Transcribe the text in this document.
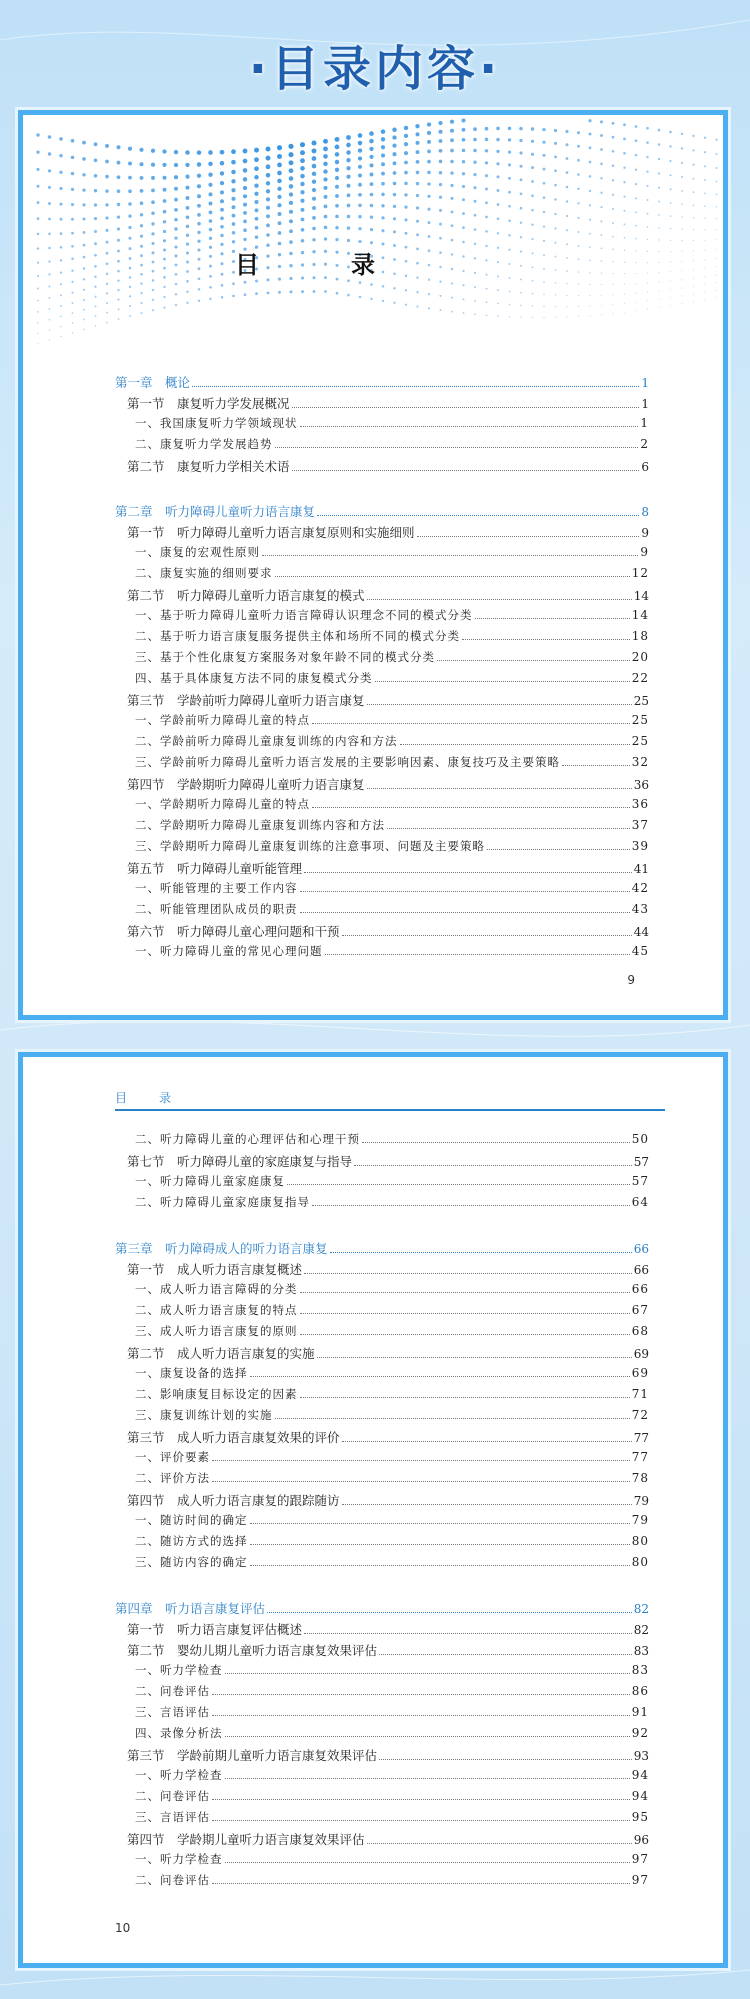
·目录内容·
目　录
第一章　概论	1
第一节　康复听力学发展概况	1
一、我国康复听力学领域现状	1
二、康复听力学发展趋势	2
第二节　康复听力学相关术语	6
第二章　听力障碍儿童听力语言康复	8
第一节　听力障碍儿童听力语言康复原则和实施细则	9
一、康复的宏观性原则	9
二、康复实施的细则要求	12
第二节　听力障碍儿童听力语言康复的模式	14
一、基于听力障碍儿童听力语言障碍认识理念不同的模式分类	14
二、基于听力语言康复服务提供主体和场所不同的模式分类	18
三、基于个性化康复方案服务对象年龄不同的模式分类	20
四、基于具体康复方法不同的康复模式分类	22
第三节　学龄前听力障碍儿童听力语言康复	25
一、学龄前听力障碍儿童的特点	25
二、学龄前听力障碍儿童康复训练的内容和方法	25
三、学龄前听力障碍儿童听力语言发展的主要影响因素、康复技巧及主要策略	32
第四节　学龄期听力障碍儿童听力语言康复	36
一、学龄期听力障碍儿童的特点	36
二、学龄期听力障碍儿童康复训练内容和方法	37
三、学龄期听力障碍儿童康复训练的注意事项、问题及主要策略	39
第五节　听力障碍儿童听能管理	41
一、听能管理的主要工作内容	42
二、听能管理团队成员的职责	43
第六节　听力障碍儿童心理问题和干预	44
一、听力障碍儿童的常见心理问题	45
9
目　录
二、听力障碍儿童的心理评估和心理干预	50
第七节　听力障碍儿童的家庭康复与指导	57
一、听力障碍儿童家庭康复	57
二、听力障碍儿童家庭康复指导	64
第三章　听力障碍成人的听力语言康复	66
第一节　成人听力语言康复概述	66
一、成人听力语言障碍的分类	66
二、成人听力语言康复的特点	67
三、成人听力语言康复的原则	68
第二节　成人听力语言康复的实施	69
一、康复设备的选择	69
二、影响康复目标设定的因素	71
三、康复训练计划的实施	72
第三节　成人听力语言康复效果的评价	77
一、评价要素	77
二、评价方法	78
第四节　成人听力语言康复的跟踪随访	79
一、随访时间的确定	79
二、随访方式的选择	80
三、随访内容的确定	80
第四章　听力语言康复评估	82
第一节　听力语言康复评估概述	82
第二节　婴幼儿期儿童听力语言康复效果评估	83
一、听力学检查	83
二、问卷评估	86
三、言语评估	91
四、录像分析法	92
第三节　学龄前期儿童听力语言康复效果评估	93
一、听力学检查	94
二、问卷评估	94
三、言语评估	95
第四节　学龄期儿童听力语言康复效果评估	96
一、听力学检查	97
二、问卷评估	97
10
